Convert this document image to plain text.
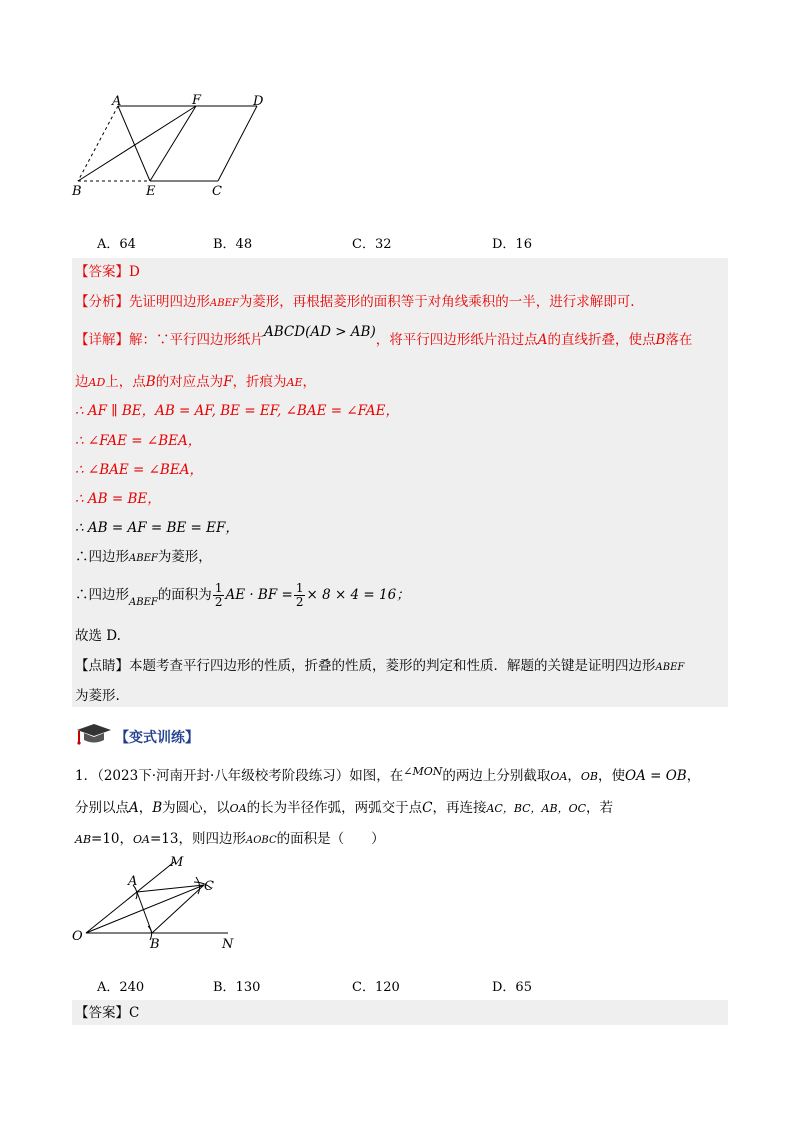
A	F	D
B	E	C
A．64	B．48	C．32	D．16
【答案】D
【分析】先证明四边形ABEF为菱形，再根据菱形的面积等于对角线乘积的一半，进行求解即可.
【详解】解：∵平行四边形纸片ABCD(AD > AB)，将平行四边形纸片沿过点A的直线折叠，使点B落在
边AD上，点B的对应点为F，折痕为AE，
∴ AF ∥ BE，AB = AF, BE = EF, ∠BAE = ∠FAE，
∴ ∠FAE = ∠BEA，
∴ ∠BAE = ∠BEA，
∴ AB = BE，
∴ AB = AF = BE = EF，
∴四边形ABEF为菱形，
∴四边形$_{ABEF}$的面积为 $\frac{1}{2}$ AE · BF = $\frac{1}{2} \times 8 \times 4 = 16$；
故选 D.
【点睛】本题考查平行四边形的性质，折叠的性质，菱形的判定和性质．解题的关键是证明四边形ABEF
为菱形.
【变式训练】
1．（2023下·河南开封·八年级校考阶段练习）如图，在$^{\angle MON}$的两边上分别截取OA，OB，使OA = OB，
分别以点A，B为圆心，以OA的长为半径作弧，两弧交于点C，再连接AC，BC，AB，OC，若
AB=10，OA=13，则四边形AOBC的面积是（　　）
M
A	C
O
B	N
A．240	B．130	C．120	D．65
【答案】C
